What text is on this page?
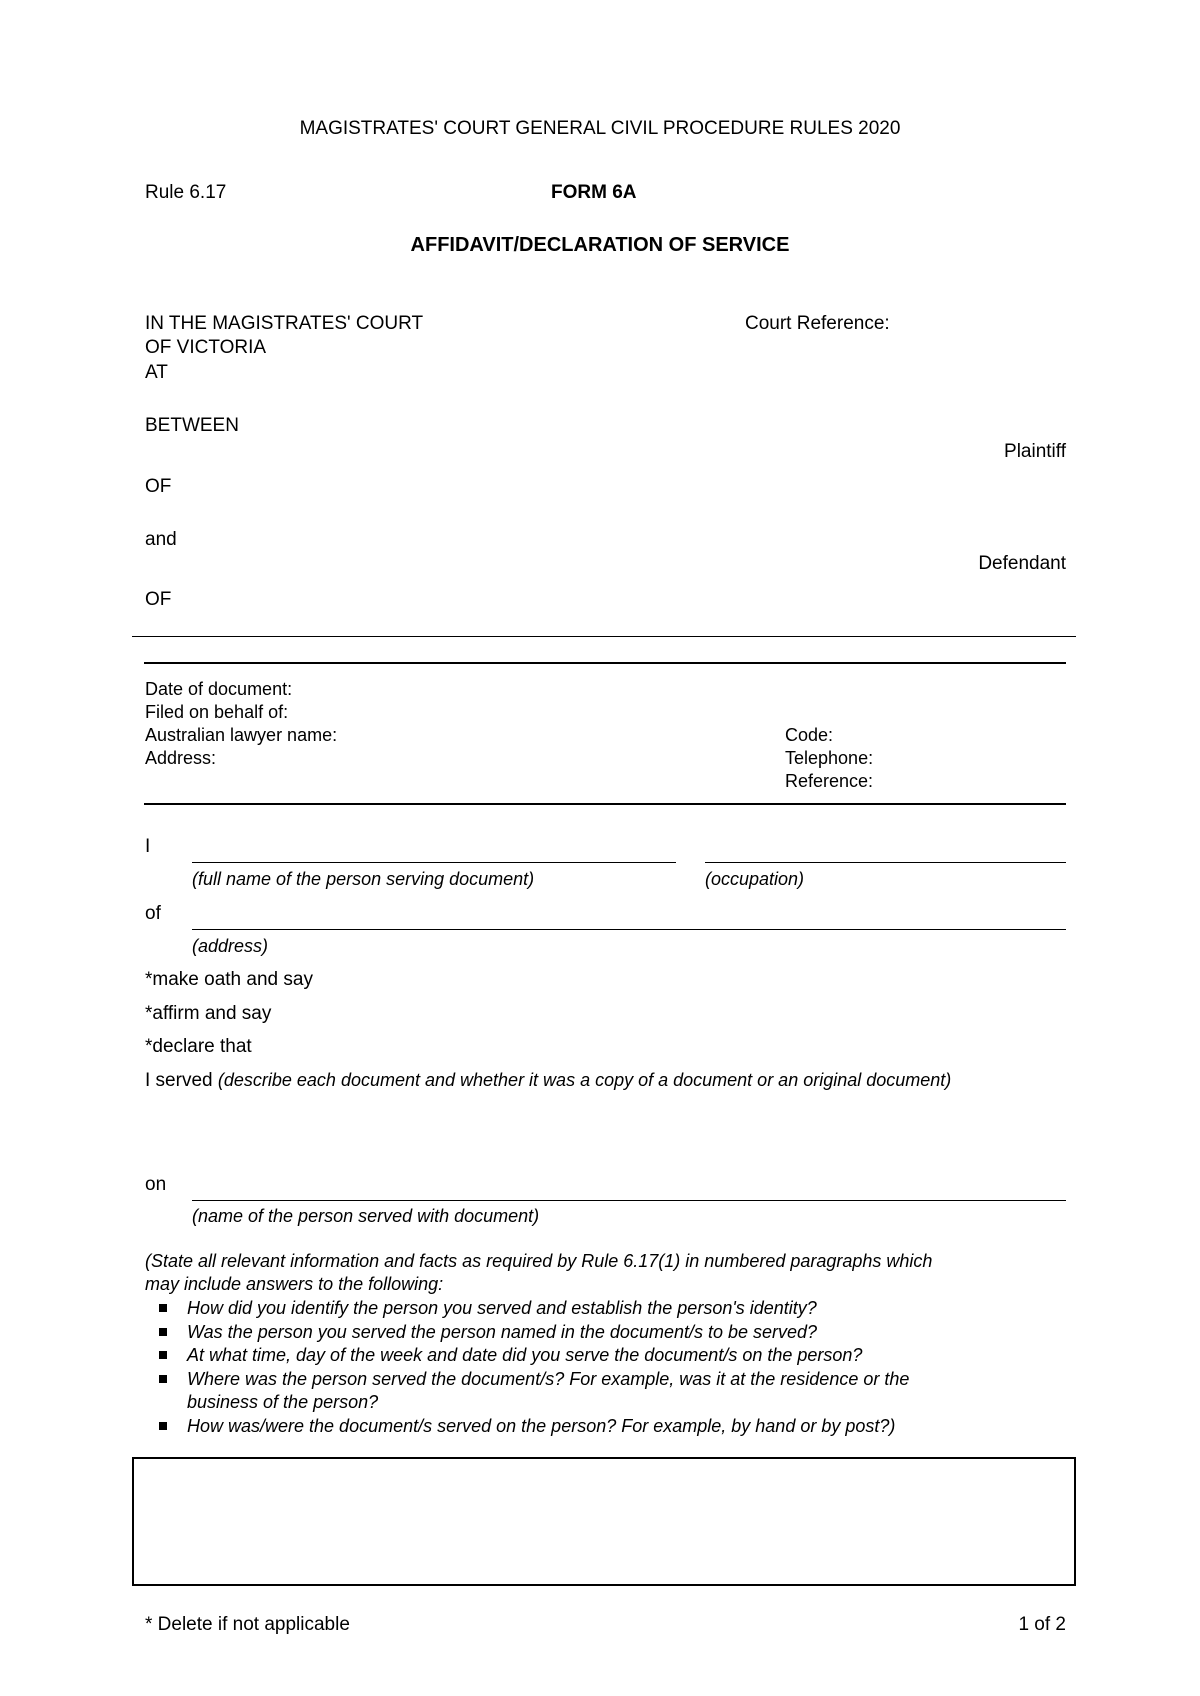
MAGISTRATES' COURT GENERAL CIVIL PROCEDURE RULES 2020
Rule 6.17	FORM 6A
AFFIDAVIT/DECLARATION OF SERVICE
IN THE MAGISTRATES' COURT
OF VICTORIA
AT
Court Reference:
BETWEEN
Plaintiff
OF
and
Defendant
OF
Date of document:
Filed on behalf of:
Australian lawyer name:
Address:
Code:
Telephone:
Reference:
I
(full name of the person serving document)	(occupation)
of
(address)
*make oath and say
*affirm and say
*declare that
I served (describe each document and whether it was a copy of a document or an original document)
on
(name of the person served with document)
(State all relevant information and facts as required by Rule 6.17(1) in numbered paragraphs which
may include answers to the following:
How did you identify the person you served and establish the person's identity?
Was the person you served the person named in the document/s to be served?
At what time, day of the week and date did you serve the document/s on the person?
Where was the person served the document/s? For example, was it at the residence or the
business of the person?
How was/were the document/s served on the person? For example, by hand or by post?)
* Delete if not applicable	1 of 2
